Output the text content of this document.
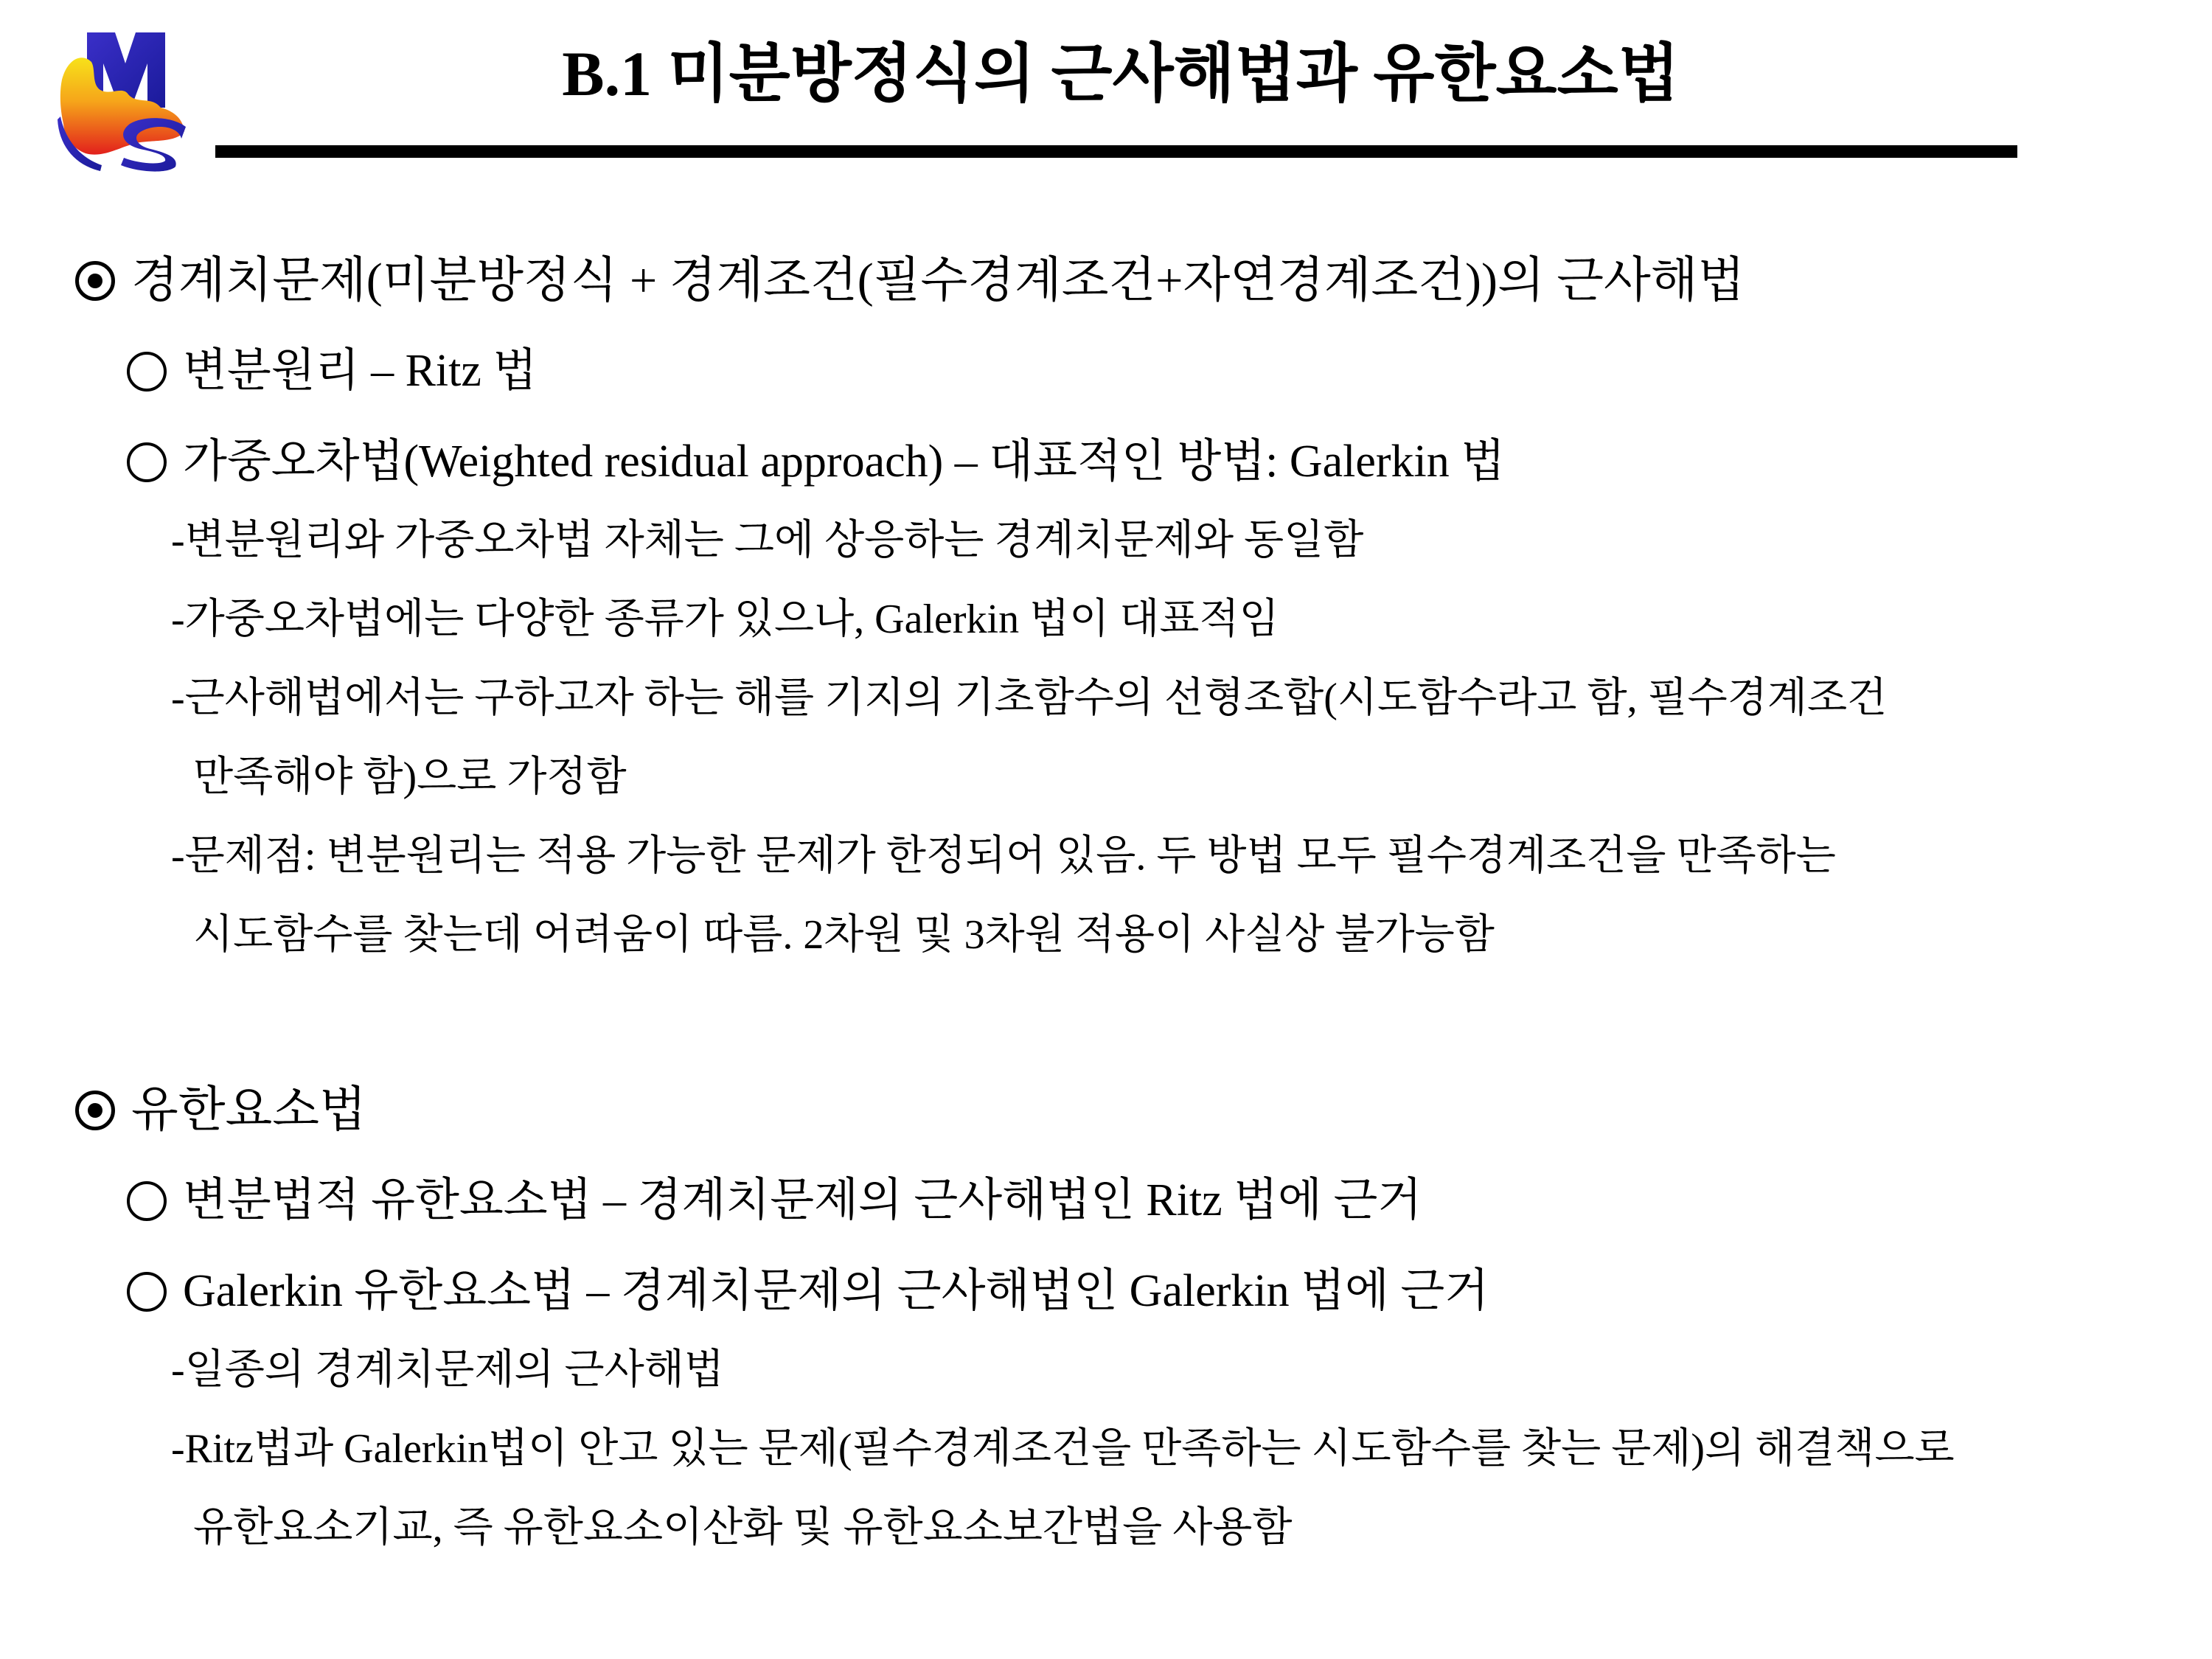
B.1 미분방정식의 근사해법과 유한요소법
경계치문제(미분방정식 + 경계조건(필수경계조건+자연경계조건))의 근사해법
변분원리 – Ritz 법
가중오차법(Weighted residual approach) – 대표적인 방법: Galerkin 법
-변분원리와 가중오차법 자체는 그에 상응하는 경계치문제와 동일함
-가중오차법에는 다양한 종류가 있으나, Galerkin 법이 대표적임
-근사해법에서는 구하고자 하는 해를 기지의 기초함수의 선형조합(시도함수라고 함, 필수경계조건
만족해야 함)으로 가정함
-문제점: 변분원리는 적용 가능한 문제가 한정되어 있음. 두 방법 모두 필수경계조건을 만족하는
시도함수를 찾는데 어려움이 따름. 2차원 및 3차원 적용이 사실상 불가능함
유한요소법
변분법적 유한요소법 – 경계치문제의 근사해법인 Ritz 법에 근거
Galerkin 유한요소법 – 경계치문제의 근사해법인 Galerkin 법에 근거
-일종의 경계치문제의 근사해법
-Ritz법과 Galerkin법이 안고 있는 문제(필수경계조건을 만족하는 시도함수를 찾는 문제)의 해결책으로
유한요소기교, 즉 유한요소이산화 및 유한요소보간법을 사용함
